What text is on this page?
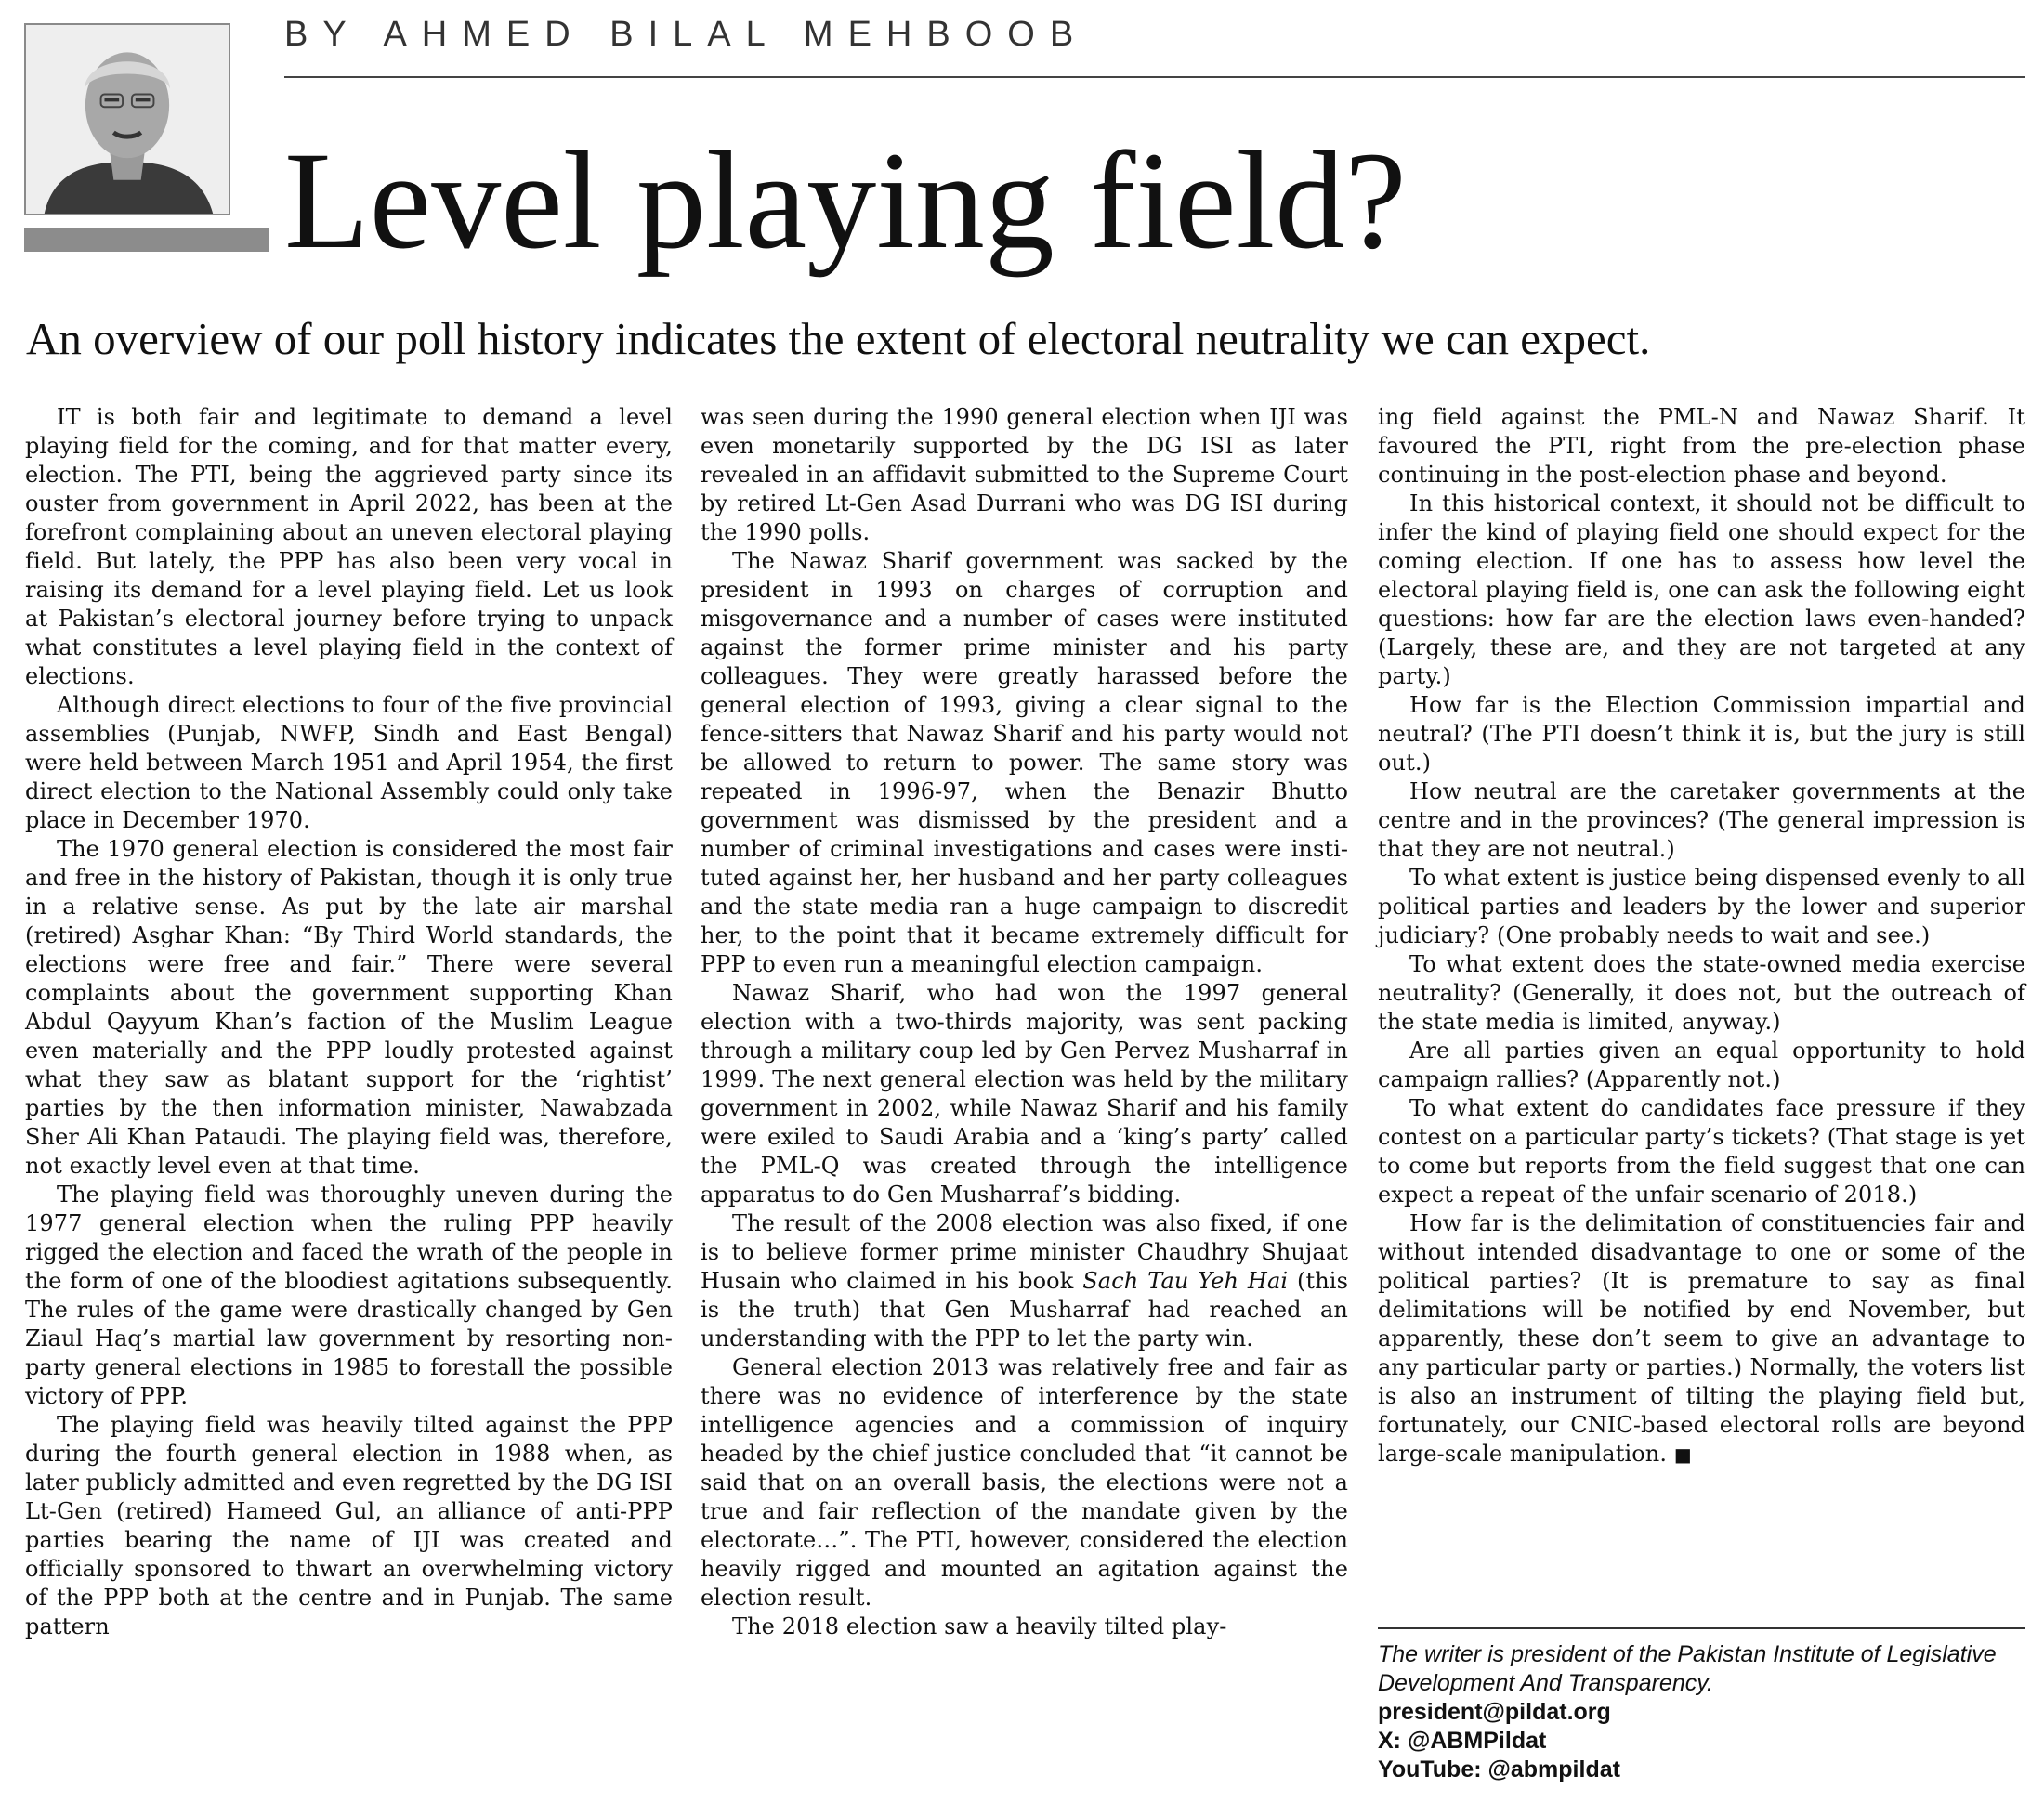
BY AHMED BILAL MEHBOOB
Level playing field?
An overview of our poll history indicates the extent of electoral neutrality we can expect.

IT is both fair and legitimate to demand a level playing field for the coming, and for that matter every, election. The PTI, being the aggrieved party since its ouster from government in April 2022, has been at the forefront complaining about an uneven electoral playing field. But lately, the PPP has also been very vocal in raising its demand for a level playing field. Let us look at Pakistan’s electoral journey before trying to unpack what constitutes a level playing field in the context of elections.

Although direct elections to four of the five provincial assemblies (Punjab, NWFP, Sindh and East Bengal) were held between March 1951 and April 1954, the first direct election to the National Assembly could only take place in December 1970.

The 1970 general election is considered the most fair and free in the history of Pakistan, though it is only true in a relative sense. As put by the late air marshal (retired) Asghar Khan: “By Third World standards, the elections were free and fair.” There were several complaints about the government supporting Khan Abdul Qayyum Khan’s faction of the Muslim League even materially and the PPP loudly protested against what they saw as blatant support for the ‘rightist’ parties by the then information minister, Nawabzada Sher Ali Khan Pataudi. The playing field was, therefore, not exactly level even at that time.

The playing field was thoroughly uneven during the 1977 general election when the ruling PPP heavily rigged the election and faced the wrath of the people in the form of one of the bloodiest agitations subsequently. The rules of the game were drastically changed by Gen Ziaul Haq’s martial law government by resorting non-party general elections in 1985 to forestall the possible victory of PPP.

The playing field was heavily tilted against the PPP during the fourth general election in 1988 when, as later publicly admitted and even regretted by the DG ISI Lt-Gen (retired) Hameed Gul, an alliance of anti-PPP parties bearing the name of IJI was created and officially sponsored to thwart an overwhelming victory of the PPP both at the centre and in Punjab. The same pattern

was seen during the 1990 general election when IJI was even monetarily supported by the DG ISI as later revealed in an affidavit submitted to the Supreme Court by retired Lt-Gen Asad Durrani who was DG ISI during the 1990 polls.

The Nawaz Sharif government was sacked by the president in 1993 on charges of corruption and misgovernance and a number of cases were instituted against the former prime minister and his party colleagues. They were greatly harassed before the general election of 1993, giving a clear signal to the fence-sitters that Nawaz Sharif and his party would not be allowed to return to power. The same story was repeated in 1996-97, when the Benazir Bhutto government was dismissed by the president and a number of criminal investigations and cases were instituted against her, her husband and her party colleagues and the state media ran a huge campaign to discredit her, to the point that it became extremely difficult for PPP to even run a meaningful election campaign.

Nawaz Sharif, who had won the 1997 general election with a two-thirds majority, was sent packing through a military coup led by Gen Pervez Musharraf in 1999. The next general election was held by the military government in 2002, while Nawaz Sharif and his family were exiled to Saudi Arabia and a ‘king’s party’ called the PML-Q was created through the intelligence apparatus to do Gen Musharraf’s bidding.

The result of the 2008 election was also fixed, if one is to believe former prime minister Chaudhry Shujaat Husain who claimed in his book Sach Tau Yeh Hai (this is the truth) that Gen Musharraf had reached an understanding with the PPP to let the party win.

General election 2013 was relatively free and fair as there was no evidence of interference by the state intelligence agencies and a commission of inquiry headed by the chief justice concluded that “it cannot be said that on an overall basis, the elections were not a true and fair reflection of the mandate given by the electorate…”. The PTI, however, considered the election heavily rigged and mounted an agitation against the election result.

The 2018 election saw a heavily tilted play-

ing field against the PML-N and Nawaz Sharif. It favoured the PTI, right from the pre-election phase continuing in the post-election phase and beyond.

In this historical context, it should not be difficult to infer the kind of playing field one should expect for the coming election. If one has to assess how level the electoral playing field is, one can ask the following eight questions: how far are the election laws even-handed? (Largely, these are, and they are not targeted at any party.)

How far is the Election Commission impartial and neutral? (The PTI doesn’t think it is, but the jury is still out.)

How neutral are the caretaker governments at the centre and in the provinces? (The general impression is that they are not neutral.)

To what extent is justice being dispensed evenly to all political parties and leaders by the lower and superior judiciary? (One probably needs to wait and see.)

To what extent does the state-owned media exercise neutrality? (Generally, it does not, but the outreach of the state media is limited, anyway.)

Are all parties given an equal opportunity to hold campaign rallies? (Apparently not.)

To what extent do candidates face pressure if they contest on a particular party’s tickets? (That stage is yet to come but reports from the field suggest that one can expect a repeat of the unfair scenario of 2018.)

How far is the delimitation of constituencies fair and without intended disadvantage to one or some of the political parties? (It is premature to say as final delimitations will be notified by end November, but apparently, these don’t seem to give an advantage to any particular party or parties.) Normally, the voters list is also an instrument of tilting the playing field but, fortunately, our CNIC-based electoral rolls are beyond large-scale manipulation. ■

The writer is president of the Pakistan Institute of Legislative Development And Transparency.
president@pildat.org
X: @ABMPildat
YouTube: @abmpildat
